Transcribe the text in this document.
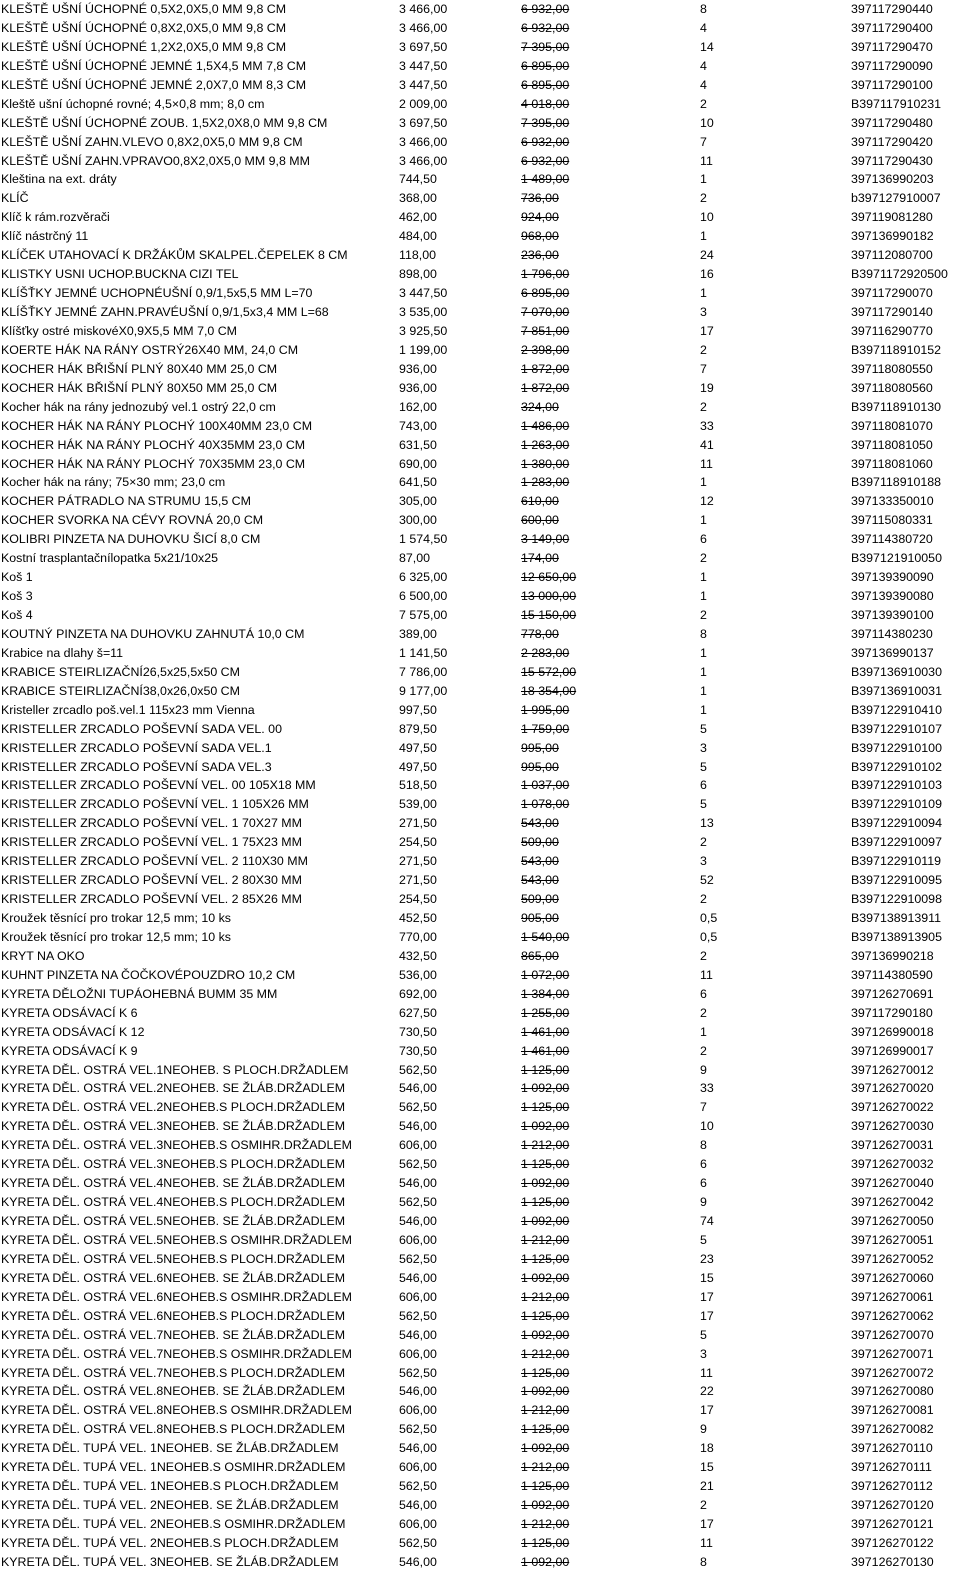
KLEŠTĚ UŠNÍ ÚCHOPNÉ 0,5X2,0X5,0 MM 9,8 CM	3 466,00	6 932,00	8	397117290440
KLEŠTĚ UŠNÍ ÚCHOPNÉ 0,8X2,0X5,0 MM 9,8 CM	3 466,00	6 932,00	4	397117290400
KLEŠTĚ UŠNÍ ÚCHOPNÉ 1,2X2,0X5,0 MM 9,8 CM	3 697,50	7 395,00	14	397117290470
KLEŠTĚ UŠNÍ ÚCHOPNÉ JEMNÉ 1,5X4,5 MM 7,8 CM	3 447,50	6 895,00	4	397117290090
KLEŠTĚ UŠNÍ ÚCHOPNÉ JEMNÉ 2,0X7,0 MM 8,3 CM	3 447,50	6 895,00	4	397117290100
Kleště ušní úchopné rovné; 4,5×0,8 mm; 8,0 cm	2 009,00	4 018,00	2	B397117910231
KLEŠTĚ UŠNÍ ÚCHOPNÉ ZOUB. 1,5X2,0X8,0 MM 9,8 CM	3 697,50	7 395,00	10	397117290480
KLEŠTĚ UŠNÍ ZAHN.VLEVO 0,8X2,0X5,0 MM 9,8 CM	3 466,00	6 932,00	7	397117290420
KLEŠTĚ UŠNÍ ZAHN.VPRAVO0,8X2,0X5,0 MM 9,8 MM	3 466,00	6 932,00	11	397117290430
Kleština na ext. dráty	744,50	1 489,00	1	397136990203
KLÍČ	368,00	736,00	2	b397127910007
Klíč k rám.rozvěrači	462,00	924,00	10	397119081280
Klíč nástrčný 11	484,00	968,00	1	397136990182
KLÍČEK UTAHOVACÍ K DRŽÁKŮM SKALPEL.ČEPELEK 8 CM	118,00	236,00	24	397112080700
KLISTKY USNI UCHOP.BUCKNA CIZI TEL	898,00	1 796,00	16	B3971172920500
KLÍŠŤKY JEMNÉ UCHOPNÉUŠNÍ 0,9/1,5x5,5 MM L=70	3 447,50	6 895,00	1	397117290070
KLÍŠŤKY JEMNÉ ZAHN.PRAVÉUŠNÍ 0,9/1,5x3,4 MM L=68	3 535,00	7 070,00	3	397117290140
Klíšťky ostré miskovéX0,9X5,5 MM 7,0 CM	3 925,50	7 851,00	17	397116290770
KOERTE HÁK NA RÁNY OSTRÝ26X40 MM, 24,0 CM	1 199,00	2 398,00	2	B397118910152
KOCHER HÁK BŘIŠNÍ PLNÝ 80X40 MM 25,0 CM	936,00	1 872,00	7	397118080550
KOCHER HÁK BŘIŠNÍ PLNÝ 80X50 MM 25,0 CM	936,00	1 872,00	19	397118080560
Kocher hák na rány jednozubý vel.1 ostrý 22,0 cm	162,00	324,00	2	B397118910130
KOCHER HÁK NA RÁNY PLOCHÝ 100X40MM 23,0 CM	743,00	1 486,00	33	397118081070
KOCHER HÁK NA RÁNY PLOCHÝ 40X35MM 23,0 CM	631,50	1 263,00	41	397118081050
KOCHER HÁK NA RÁNY PLOCHÝ 70X35MM 23,0 CM	690,00	1 380,00	11	397118081060
Kocher hák na rány; 75×30 mm; 23,0 cm	641,50	1 283,00	1	B397118910188
KOCHER PÁTRADLO NA STRUMU 15,5 CM	305,00	610,00	12	397133350010
KOCHER SVORKA NA CÉVY ROVNÁ 20,0 CM	300,00	600,00	1	397115080331
KOLIBRI PINZETA NA DUHOVKU ŠICÍ 8,0 CM	1 574,50	3 149,00	6	397114380720
Kostní trasplantačnílopatka 5x21/10x25	87,00	174,00	2	B397121910050
Koš 1	6 325,00	12 650,00	1	397139390090
Koš 3	6 500,00	13 000,00	1	397139390080
Koš 4	7 575,00	15 150,00	2	397139390100
KOUTNÝ PINZETA NA DUHOVKU ZAHNUTÁ 10,0 CM	389,00	778,00	8	397114380230
Krabice na dlahy š=11	1 141,50	2 283,00	1	397136990137
KRABICE STEIRLIZAČNÍ26,5x25,5x50 CM	7 786,00	15 572,00	1	B397136910030
KRABICE STEIRLIZAČNÍ38,0x26,0x50 CM	9 177,00	18 354,00	1	B397136910031
Kristeller zrcadlo poš.vel.1 115x23 mm Vienna	997,50	1 995,00	1	B397122910410
KRISTELLER ZRCADLO POŠEVNÍ SADA VEL. 00	879,50	1 759,00	5	B397122910107
KRISTELLER ZRCADLO POŠEVNÍ SADA VEL.1	497,50	995,00	3	B397122910100
KRISTELLER ZRCADLO POŠEVNÍ SADA VEL.3	497,50	995,00	5	B397122910102
KRISTELLER ZRCADLO POŠEVNÍ VEL. 00 105X18 MM	518,50	1 037,00	6	B397122910103
KRISTELLER ZRCADLO POŠEVNÍ VEL. 1 105X26 MM	539,00	1 078,00	5	B397122910109
KRISTELLER ZRCADLO POŠEVNÍ VEL. 1 70X27 MM	271,50	543,00	13	B397122910094
KRISTELLER ZRCADLO POŠEVNÍ VEL. 1 75X23 MM	254,50	509,00	2	B397122910097
KRISTELLER ZRCADLO POŠEVNÍ VEL. 2 110X30 MM	271,50	543,00	3	B397122910119
KRISTELLER ZRCADLO POŠEVNÍ VEL. 2 80X30 MM	271,50	543,00	52	B397122910095
KRISTELLER ZRCADLO POŠEVNÍ VEL. 2 85X26 MM	254,50	509,00	2	B397122910098
Kroužek těsnící pro trokar 12,5 mm; 10 ks	452,50	905,00	0,5	B397138913911
Kroužek těsnící pro trokar 12,5 mm; 10 ks	770,00	1 540,00	0,5	B397138913905
KRYT NA OKO	432,50	865,00	2	397136990218
KUHNT PINZETA NA ČOČKOVÉPOUZDRO 10,2 CM	536,00	1 072,00	11	397114380590
KYRETA DĚLOŽNI TUPÁOHEBNÁ BUMM 35 MM	692,00	1 384,00	6	397126270691
KYRETA ODSÁVACÍ K 6	627,50	1 255,00	2	397117290180
KYRETA ODSÁVACÍ K 12	730,50	1 461,00	1	397126990018
KYRETA ODSÁVACÍ K 9	730,50	1 461,00	2	397126990017
KYRETA DĚL. OSTRÁ VEL.1NEOHEB. S PLOCH.DRŽADLEM	562,50	1 125,00	9	397126270012
KYRETA DĚL. OSTRÁ VEL.2NEOHEB. SE ŽLÁB.DRŽADLEM	546,00	1 092,00	33	397126270020
KYRETA DĚL. OSTRÁ VEL.2NEOHEB.S PLOCH.DRŽADLEM	562,50	1 125,00	7	397126270022
KYRETA DĚL. OSTRÁ VEL.3NEOHEB. SE ŽLÁB.DRŽADLEM	546,00	1 092,00	10	397126270030
KYRETA DĚL. OSTRÁ VEL.3NEOHEB.S OSMIHR.DRŽADLEM	606,00	1 212,00	8	397126270031
KYRETA DĚL. OSTRÁ VEL.3NEOHEB.S PLOCH.DRŽADLEM	562,50	1 125,00	6	397126270032
KYRETA DĚL. OSTRÁ VEL.4NEOHEB. SE ŽLÁB.DRŽADLEM	546,00	1 092,00	6	397126270040
KYRETA DĚL. OSTRÁ VEL.4NEOHEB.S PLOCH.DRŽADLEM	562,50	1 125,00	9	397126270042
KYRETA DĚL. OSTRÁ VEL.5NEOHEB. SE ŽLÁB.DRŽADLEM	546,00	1 092,00	74	397126270050
KYRETA DĚL. OSTRÁ VEL.5NEOHEB.S OSMIHR.DRŽADLEM	606,00	1 212,00	5	397126270051
KYRETA DĚL. OSTRÁ VEL.5NEOHEB.S PLOCH.DRŽADLEM	562,50	1 125,00	23	397126270052
KYRETA DĚL. OSTRÁ VEL.6NEOHEB. SE ŽLÁB.DRŽADLEM	546,00	1 092,00	15	397126270060
KYRETA DĚL. OSTRÁ VEL.6NEOHEB.S OSMIHR.DRŽADLEM	606,00	1 212,00	17	397126270061
KYRETA DĚL. OSTRÁ VEL.6NEOHEB.S PLOCH.DRŽADLEM	562,50	1 125,00	17	397126270062
KYRETA DĚL. OSTRÁ VEL.7NEOHEB. SE ŽLÁB.DRŽADLEM	546,00	1 092,00	5	397126270070
KYRETA DĚL. OSTRÁ VEL.7NEOHEB.S OSMIHR.DRŽADLEM	606,00	1 212,00	3	397126270071
KYRETA DĚL. OSTRÁ VEL.7NEOHEB.S PLOCH.DRŽADLEM	562,50	1 125,00	11	397126270072
KYRETA DĚL. OSTRÁ VEL.8NEOHEB. SE ŽLÁB.DRŽADLEM	546,00	1 092,00	22	397126270080
KYRETA DĚL. OSTRÁ VEL.8NEOHEB.S OSMIHR.DRŽADLEM	606,00	1 212,00	17	397126270081
KYRETA DĚL. OSTRÁ VEL.8NEOHEB.S PLOCH.DRŽADLEM	562,50	1 125,00	9	397126270082
KYRETA DĚL. TUPÁ VEL. 1NEOHEB. SE ŽLÁB.DRŽADLEM	546,00	1 092,00	18	397126270110
KYRETA DĚL. TUPÁ VEL. 1NEOHEB.S OSMIHR.DRŽADLEM	606,00	1 212,00	15	397126270111
KYRETA DĚL. TUPÁ VEL. 1NEOHEB.S PLOCH.DRŽADLEM	562,50	1 125,00	21	397126270112
KYRETA DĚL. TUPÁ VEL. 2NEOHEB. SE ŽLÁB.DRŽADLEM	546,00	1 092,00	2	397126270120
KYRETA DĚL. TUPÁ VEL. 2NEOHEB.S OSMIHR.DRŽADLEM	606,00	1 212,00	17	397126270121
KYRETA DĚL. TUPÁ VEL. 2NEOHEB.S PLOCH.DRŽADLEM	562,50	1 125,00	11	397126270122
KYRETA DĚL. TUPÁ VEL. 3NEOHEB. SE ŽLÁB.DRŽADLEM	546,00	1 092,00	8	397126270130
